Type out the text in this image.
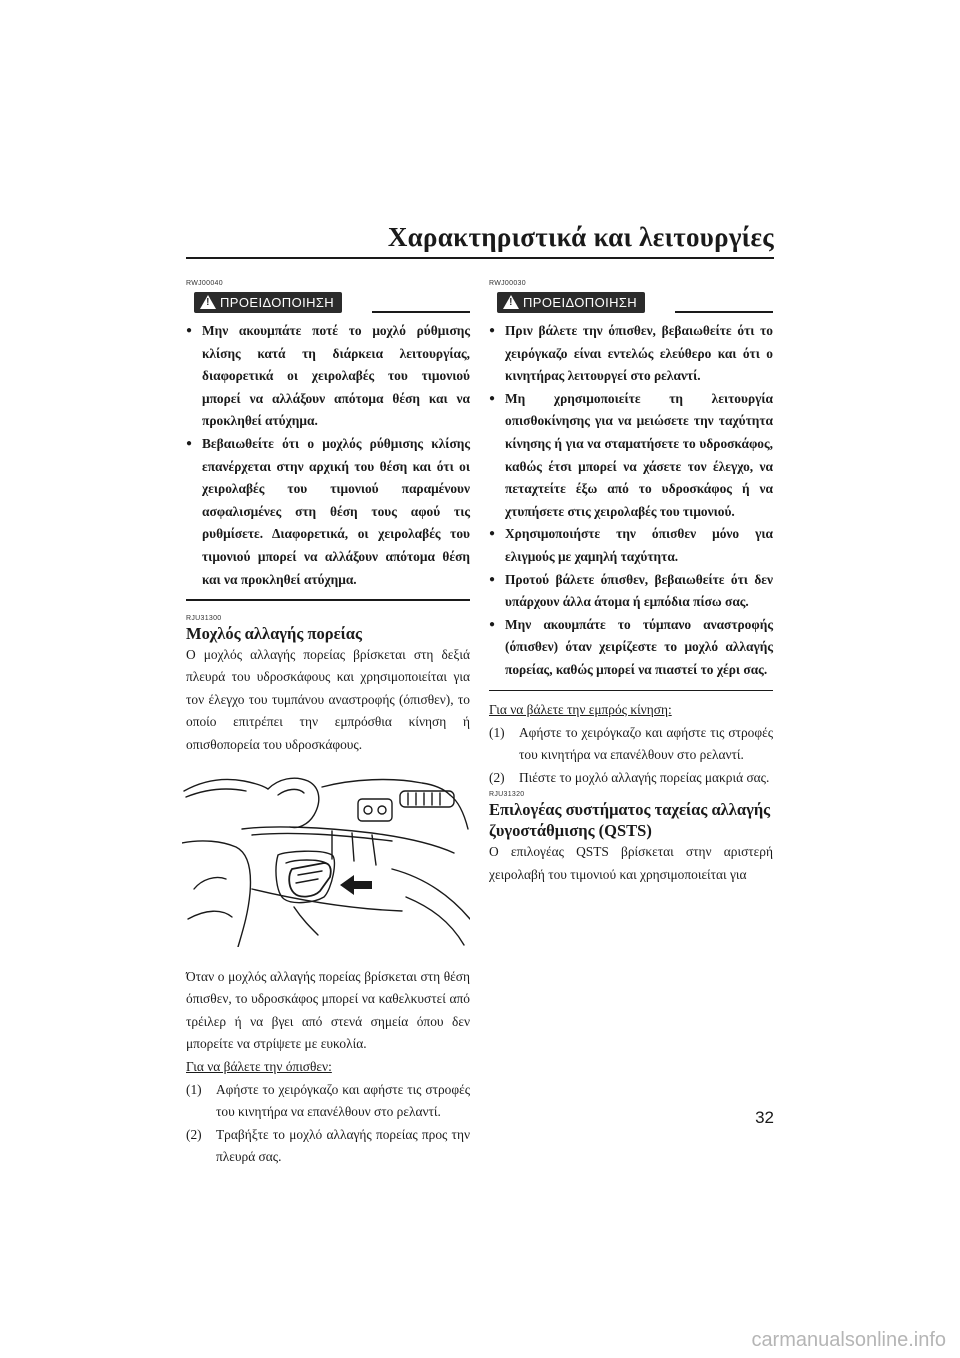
Χαρακτηριστικά και λειτουργίες
RWJ00040
! ΠΡΟΕΙΔΟΠΟΙΗΣΗ
● Μην ακουμπάτε ποτέ το μοχλό ρύθμισης κλίσης κατά τη διάρκεια λειτουργίας, διαφορετικά οι χειρολαβές του τιμονιού μπορεί να αλλάξουν απότομα θέση και να προκληθεί ατύχημα.
● Βεβαιωθείτε ότι ο μοχλός ρύθμισης κλίσης επανέρχεται στην αρχική του θέση και ότι οι χειρολαβές του τιμονιού παραμένουν ασφαλισμένες στη θέση τους αφού τις ρυθμίσετε. Διαφορετικά, οι χειρολαβές του τιμονιού μπορεί να αλλάξουν απότομα θέση και να προκληθεί ατύχημα.
RJU31300
Μοχλός αλλαγής πορείας

Ο μοχλός αλλαγής πορείας βρίσκεται στη δεξιά πλευρά του υδροσκάφους και χρησιμοποιείται για τον έλεγχο του τυμπάνου αναστροφής (όπισθεν), το οποίο επιτρέπει την εμπρόσθια κίνηση ή οπισθοπορεία του υδροσκάφους.

Όταν ο μοχλός αλλαγής πορείας βρίσκεται στη θέση όπισθεν, το υδροσκάφος μπορεί να καθελκυστεί από τρέιλερ ή να βγει από στενά σημεία όπου δεν μπορείτε να στρίψετε με ευκολία.

Για να βάλετε την όπισθεν:
(1) Αφήστε το χειρόγκαζο και αφήστε τις στροφές του κινητήρα να επανέλθουν στο ρελαντί.
(2) Τραβήξτε το μοχλό αλλαγής πορείας προς την πλευρά σας.
RWJ00030
! ΠΡΟΕΙΔΟΠΟΙΗΣΗ
● Πριν βάλετε την όπισθεν, βεβαιωθείτε ότι το χειρόγκαζο είναι εντελώς ελεύθερο και ότι ο κινητήρας λειτουργεί στο ρελαντί.
● Μη χρησιμοποιείτε τη λειτουργία οπισθοκίνησης για να μειώσετε την ταχύτητα κίνησης ή για να σταματήσετε το υδροσκάφος, καθώς έτσι μπορεί να χάσετε τον έλεγχο, να πεταχτείτε έξω από το υδροσκάφος ή να χτυπήσετε στις χειρολαβές του τιμονιού.
● Χρησιμοποιήστε την όπισθεν μόνο για ελιγμούς με χαμηλή ταχύτητα.
● Προτού βάλετε όπισθεν, βεβαιωθείτε ότι δεν υπάρχουν άλλα άτομα ή εμπόδια πίσω σας.
● Μην ακουμπάτε το τύμπανο αναστροφής (όπισθεν) όταν χειρίζεστε το μοχλό αλλαγής πορείας, καθώς μπορεί να πιαστεί το χέρι σας.
Για να βάλετε την εμπρός κίνηση:
(1) Αφήστε το χειρόγκαζο και αφήστε τις στροφές του κινητήρα να επανέλθουν στο ρελαντί.
(2) Πιέστε το μοχλό αλλαγής πορείας μακριά σας.
RJU31320
Επιλογέας συστήματος ταχείας αλλαγής ζυγοστάθμισης (QSTS)

Ο επιλογέας QSTS βρίσκεται στην αριστερή χειρολαβή του τιμονιού και χρησιμοποιείται για

32
carmanualsonline.info
